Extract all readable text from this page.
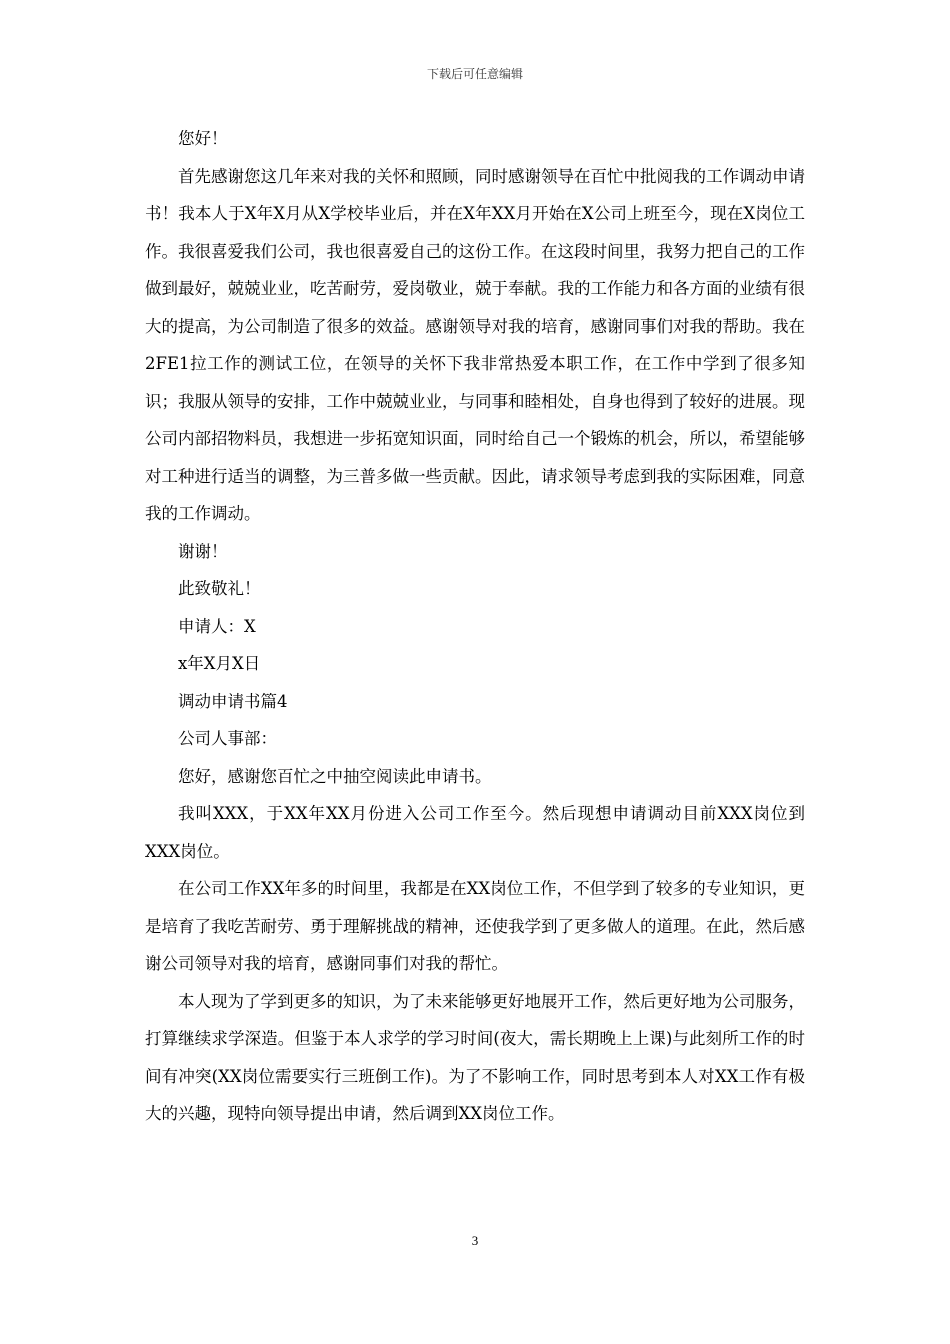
下载后可任意编辑

您好！

首先感谢您这几年来对我的关怀和照顾，同时感谢领导在百忙中批阅我的工作调动申请书！我本人于X年X月从X学校毕业后，并在X年XX月开始在X公司上班至今，现在X岗位工作。我很喜爱我们公司，我也很喜爱自己的这份工作。在这段时间里，我努力把自己的工作做到最好，兢兢业业，吃苦耐劳，爱岗敬业，兢于奉献。我的工作能力和各方面的业绩有很大的提高，为公司制造了很多的效益。感谢领导对我的培育，感谢同事们对我的帮助。我在2FE1拉工作的测试工位，在领导的关怀下我非常热爱本职工作，在工作中学到了很多知识；我服从领导的安排，工作中兢兢业业，与同事和睦相处，自身也得到了较好的进展。现公司内部招物料员，我想进一步拓宽知识面，同时给自己一个锻炼的机会，所以，希望能够对工种进行适当的调整，为三普多做一些贡献。因此，请求领导考虑到我的实际困难，同意我的工作调动。

谢谢！

此致敬礼！

申请人：X

x年X月X日

调动申请书篇4

公司人事部：

您好，感谢您百忙之中抽空阅读此申请书。

我叫XXX，于XX年XX月份进入公司工作至今。然后现想申请调动目前XXX岗位到XXX岗位。

在公司工作XX年多的时间里，我都是在XX岗位工作，不但学到了较多的专业知识，更是培育了我吃苦耐劳、勇于理解挑战的精神，还使我学到了更多做人的道理。在此，然后感谢公司领导对我的培育，感谢同事们对我的帮忙。

本人现为了学到更多的知识，为了未来能够更好地展开工作，然后更好地为公司服务，打算继续求学深造。但鉴于本人求学的学习时间(夜大，需长期晚上上课)与此刻所工作的时间有冲突(XX岗位需要实行三班倒工作)。为了不影响工作，同时思考到本人对XX工作有极大的兴趣，现特向领导提出申请，然后调到XX岗位工作。

3
